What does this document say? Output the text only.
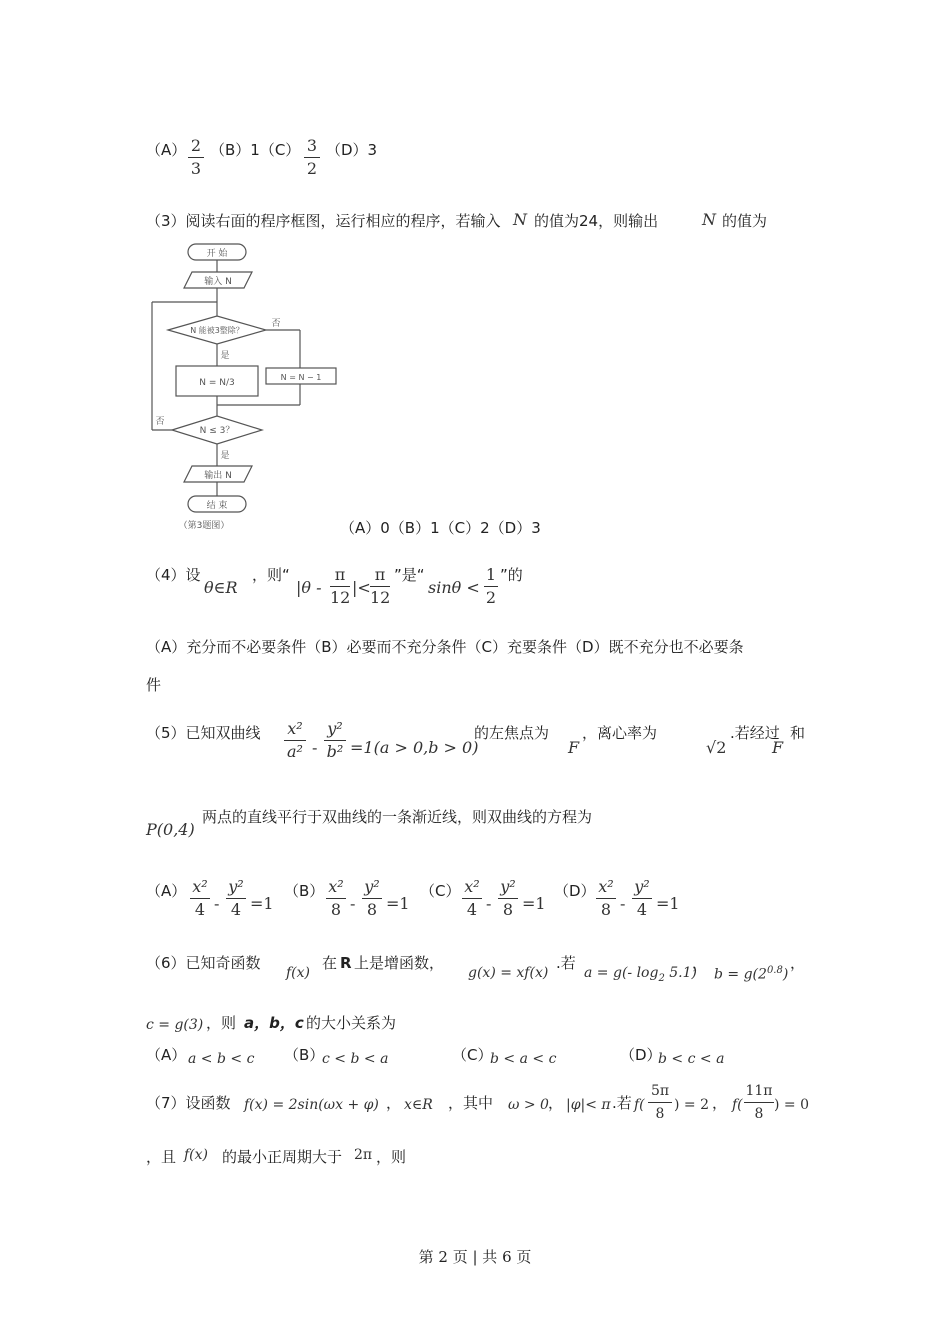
（A） 2
3
（B）1（C） 3
2
（D）3
（3）阅读右面的程序框图，运行相应的程序，若输入 N 的值为24，则输出	N 的值为
开 始
输入 N
N 能被3整除？
否
是
N = N/3
N = N − 1
否
N ≤ 3？
是
输出 N
结 束
（第3题图）	（A）0（B）1（C）2（D）3
（4）设
θ∈R
，则“
|θ -
π
12
|<
π
12
”是“
sinθ <
1
2
”的
（A）充分而不必要条件（B）必要而不充分条件（C）充要条件（D）既不充分也不必要条
件
（5）已知双曲线 x²
a² -
y²
b² =1(a > 0,b > 0)
的左焦点为
F
，离心率为
√2
.若经过
F
和
P(0,4)
两点的直线平行于双曲线的一条渐近线，则双曲线的方程为
（A） x²
4 -
y²
4 =1
（B） x²
8 -
y²
8 =1
（C） x²
4 -
y²
8 =1
（D） x²
8 -
y²
4 =1
（6）已知奇函数
f(x)
在 R 上是增函数，
g(x) = xf(x)
.若
a = g(- $\log_2 5.1$)
，
$b = g(2^{0.8})$
，
c = g(3) ，则 a，b，c 的大小关系为
（A） a < b < c （B）
c < b < a	（C）
b < a < c	（D）
b < c < a
（7）设函数 f(x) = 2sin(ωx + φ) ， x∈R ，其中 ω > 0 ， |φ|< π .若 f(
5π
8
) = 2 ， f(
11π
8
) = 0
，且 f(x) 的最小正周期大于 2π ，则
第 2 页 | 共 6 页
